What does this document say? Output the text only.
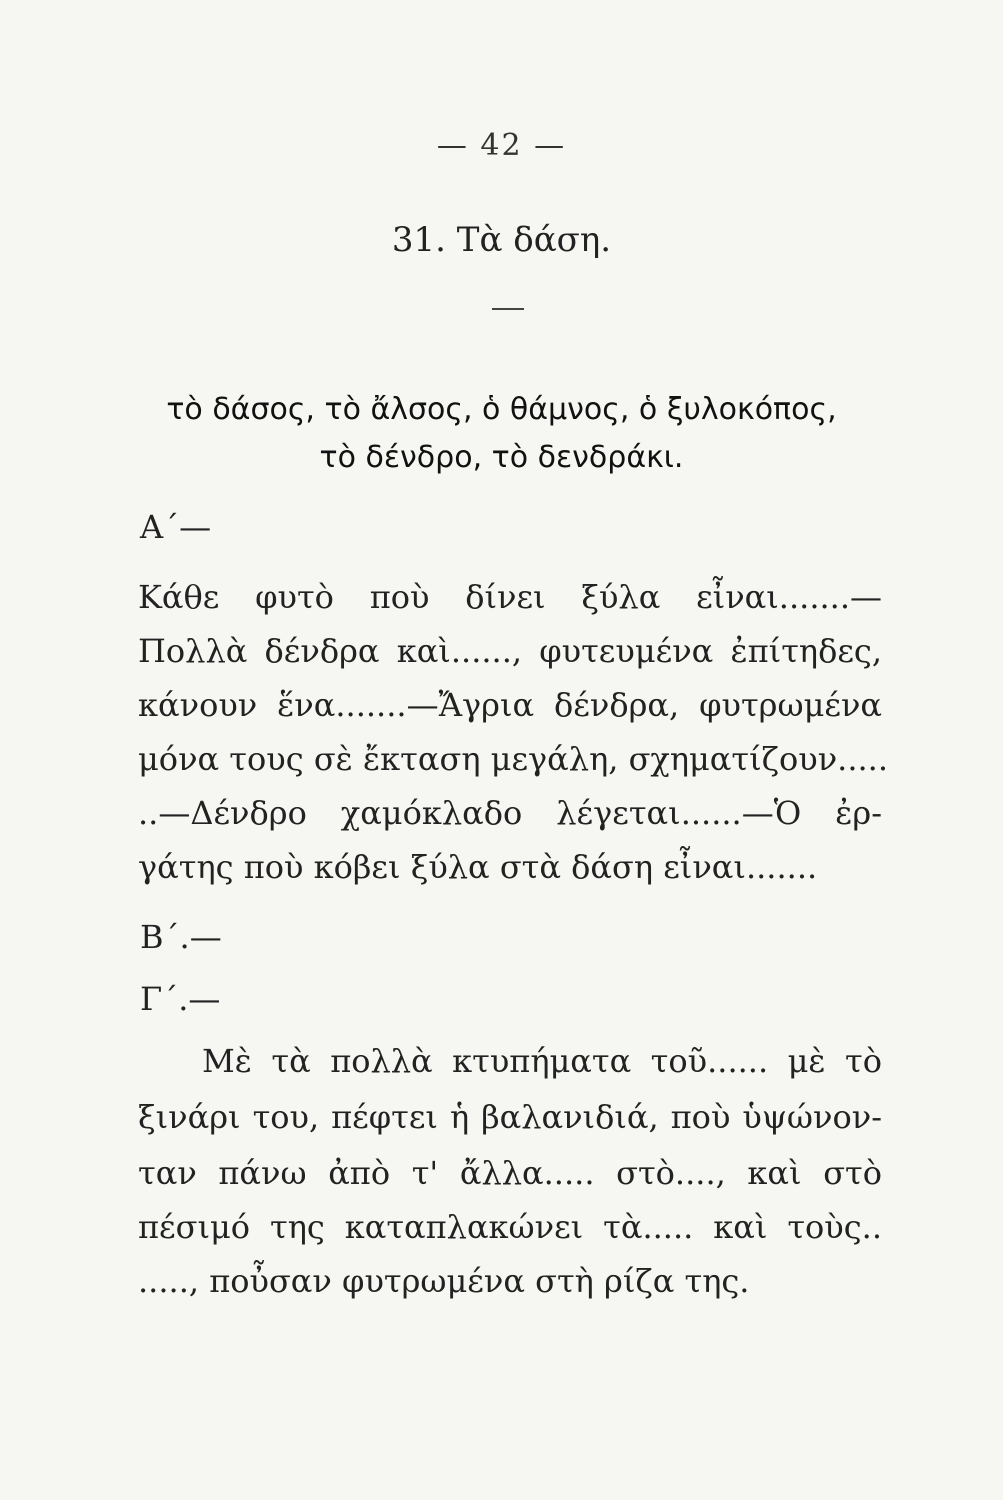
— 42 —
31. Τὰ δάση.
τὸ δάσος, τὸ ἄλσος, ὁ θάμνος, ὁ ξυλοκόπος,
τὸ δένδρο, τὸ δενδράκι.
Α΄—
Κάθε φυτὸ ποὺ δίνει ξύλα εἶναι.......—
Πολλὰ δένδρα καὶ......, φυτευμένα ἐπίτηδες,
κάνουν ἕνα.......—Ἄγρια δένδρα, φυτρωμένα
μόνα τους σὲ ἔκταση μεγάλη, σχηματίζουν.....
..—Δένδρο χαμόκλαδο λέγεται......—Ὁ ἐρ-
γάτης ποὺ κόβει ξύλα στὰ δάση εἶναι.......
Β΄.—
Γ΄.—
Μὲ τὰ πολλὰ κτυπήματα τοῦ...... μὲ τὸ
ξινάρι του, πέφτει ἡ βαλανιδιά, ποὺ ὑψώνον-
ταν πάνω ἀπὸ τ' ἄλλα..... στὸ...., καὶ στὸ
πέσιμό της καταπλακώνει τὰ..... καὶ τοὺς..
....., ποὖσαν φυτρωμένα στὴ ρίζα της.
